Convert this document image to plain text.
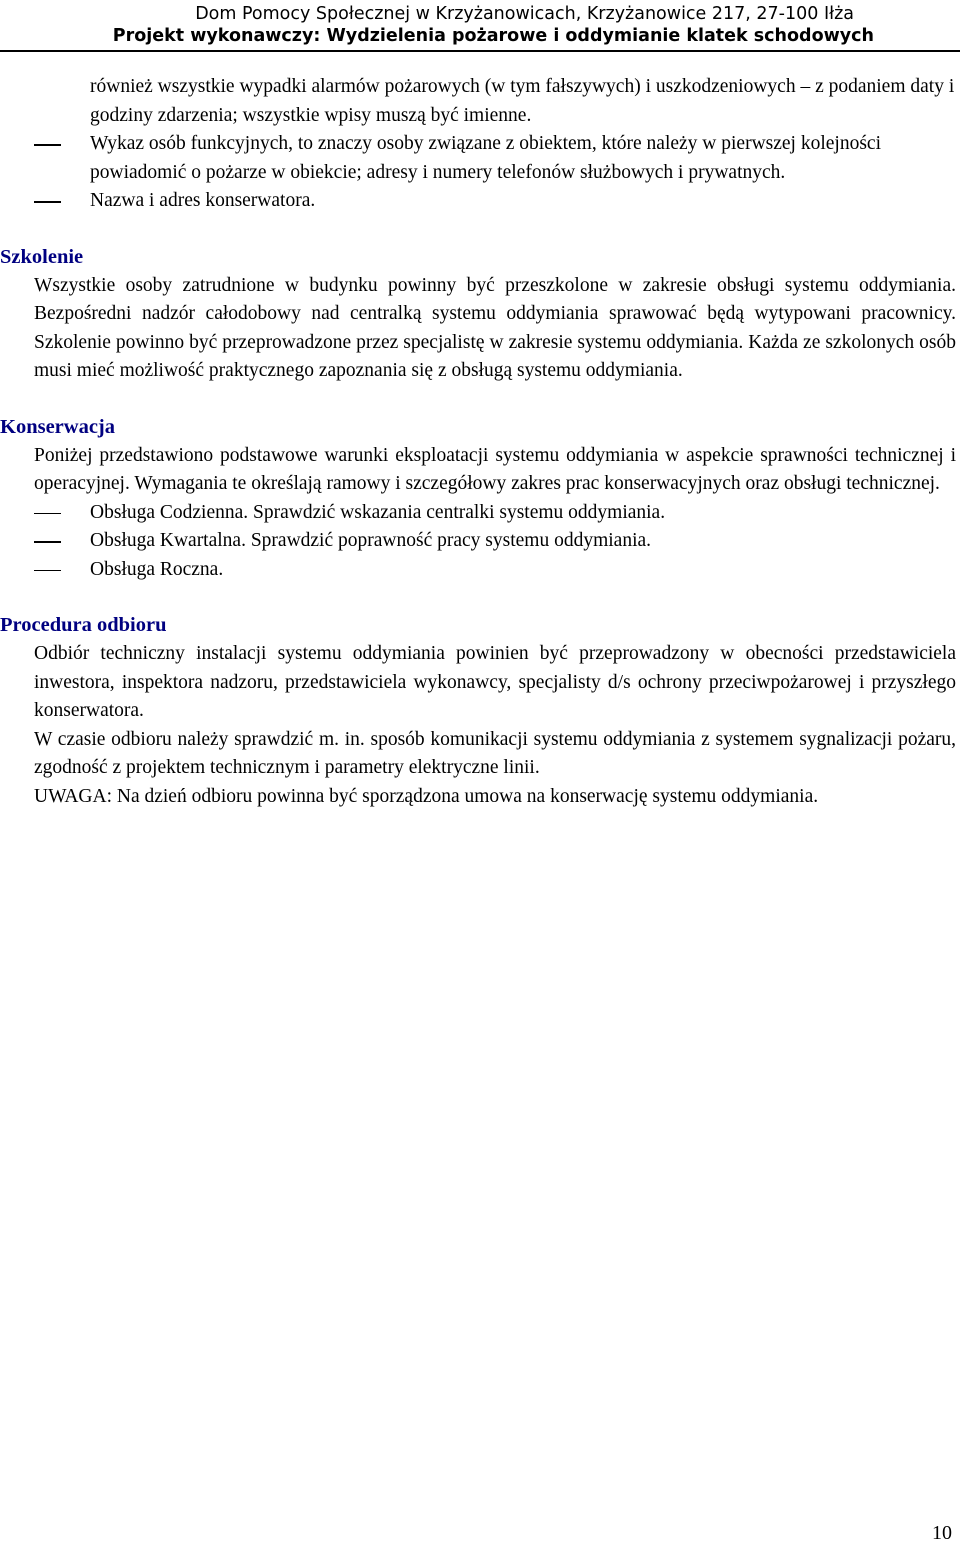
Dom Pomocy Społecznej w Krzyżanowicach, Krzyżanowice 217, 27-100 Iłża
Projekt wykonawczy: Wydzielenia pożarowe i oddymianie klatek schodowych

również wszystkie wypadki alarmów pożarowych (w tym fałszywych) i uszkodzeniowych – z podaniem daty i godziny zdarzenia; wszystkie wpisy muszą być imienne.

Wykaz osób funkcyjnych, to znaczy osoby związane z obiektem, które należy w pierwszej kolejności powiadomić o pożarze w obiekcie; adresy i numery telefonów służbowych i prywatnych.
Nazwa i adres konserwatora.
Szkolenie

Wszystkie osoby zatrudnione w budynku powinny być przeszkolone w zakresie obsługi systemu oddymiania. Bezpośredni nadzór całodobowy nad centralką systemu oddymiania sprawować będą wytypowani pracownicy. Szkolenie powinno być przeprowadzone przez specjalistę w zakresie systemu oddymiania. Każda ze szkolonych osób musi mieć możliwość praktycznego zapoznania się z obsługą systemu oddymiania.

Konserwacja

Poniżej przedstawiono podstawowe warunki eksploatacji systemu oddymiania w aspekcie sprawności technicznej i operacyjnej. Wymagania te określają ramowy i szczegółowy zakres prac konserwacyjnych oraz obsługi technicznej.

Obsługa Codzienna. Sprawdzić wskazania centralki systemu oddymiania.
Obsługa Kwartalna. Sprawdzić poprawność pracy systemu oddymiania.
Obsługa Roczna.
Procedura odbioru

Odbiór techniczny instalacji systemu oddymiania powinien być przeprowadzony w obecności przedstawiciela inwestora, inspektora nadzoru, przedstawiciela wykonawcy, specjalisty d/s ochrony przeciwpożarowej i przyszłego konserwatora.

W czasie odbioru należy sprawdzić m. in. sposób komunikacji systemu oddymiania z systemem sygnalizacji pożaru, zgodność z projektem technicznym i parametry elektryczne linii.

UWAGA: Na dzień odbioru powinna być sporządzona umowa na konserwację systemu oddymiania.

10
